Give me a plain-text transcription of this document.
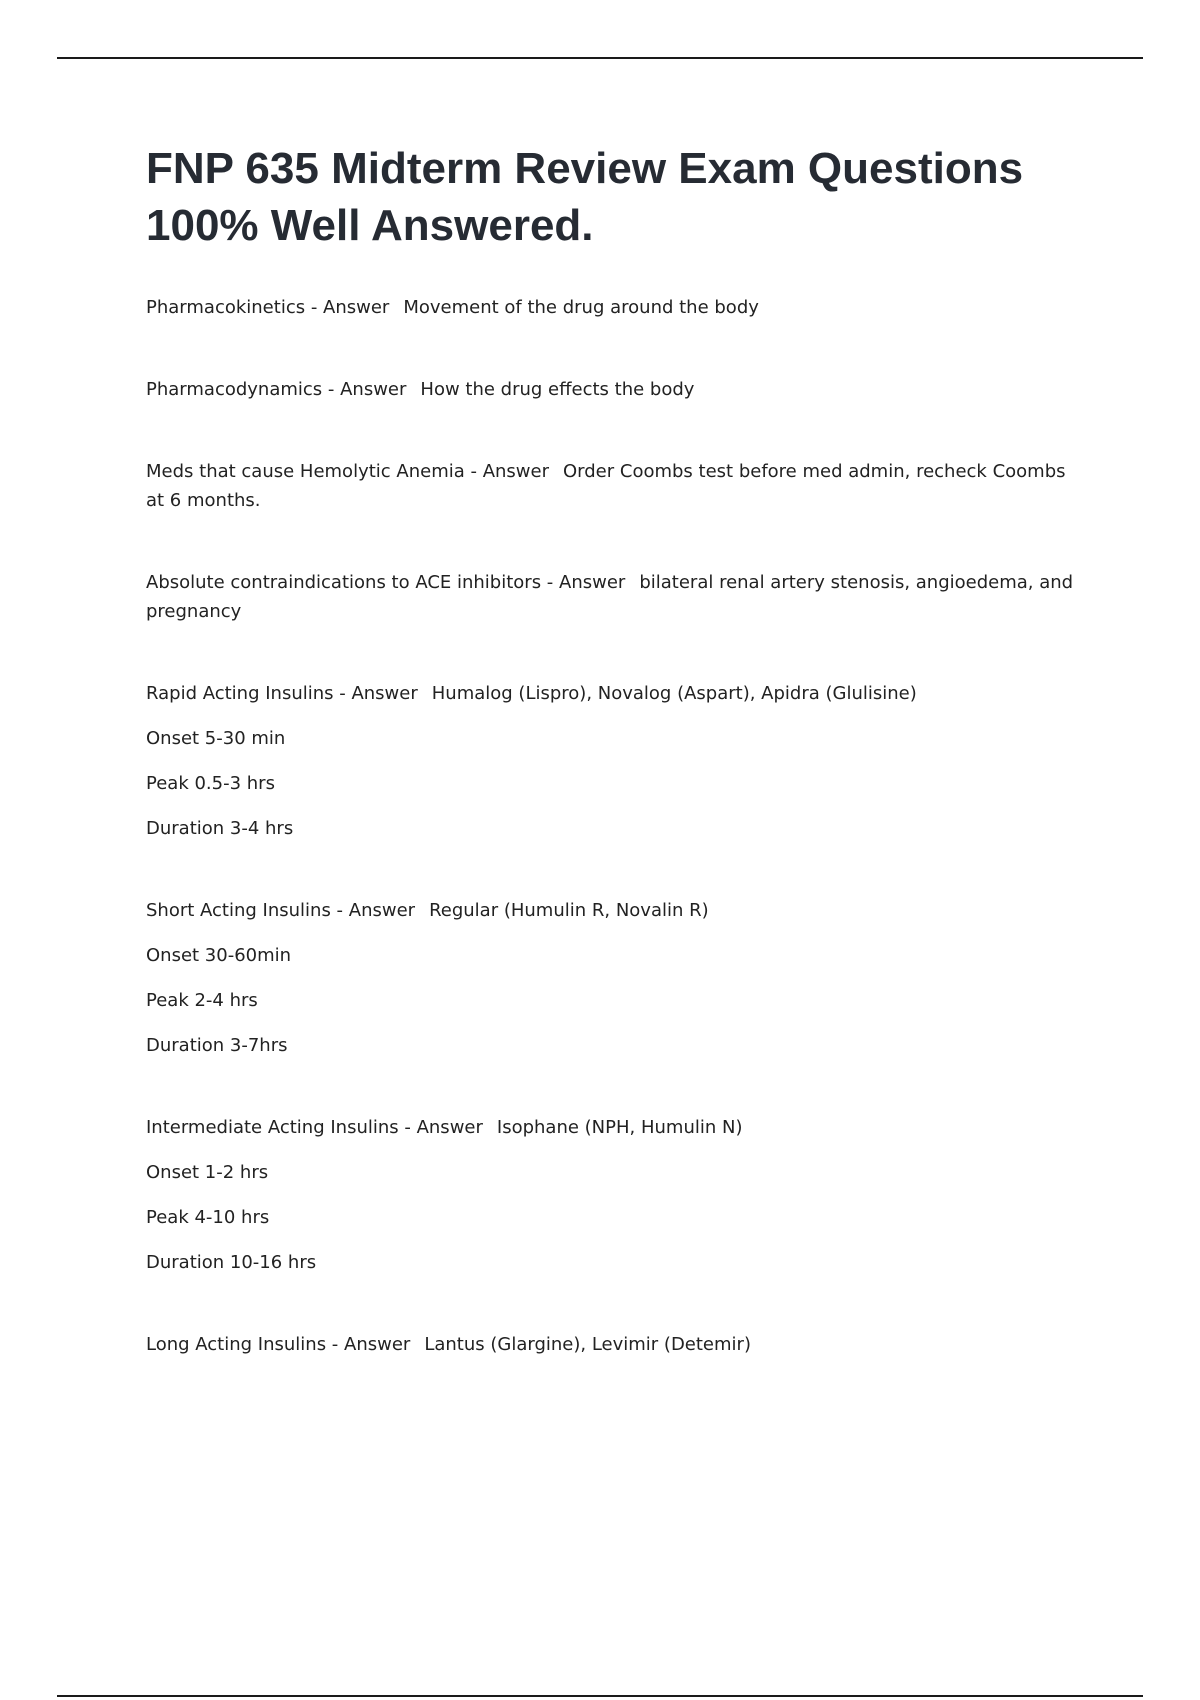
FNP 635 Midterm Review Exam Questions 100% Well Answered.

Pharmacokinetics - Answer Movement of the drug around the body

Pharmacodynamics - Answer How the drug effects the body

Meds that cause Hemolytic Anemia - Answer Order Coombs test before med admin, recheck Coombs at 6 months.

Absolute contraindications to ACE inhibitors - Answer bilateral renal artery stenosis, angioedema, and pregnancy

Rapid Acting Insulins - Answer Humalog (Lispro), Novalog (Aspart), Apidra (Glulisine)

Onset 5-30 min
Peak 0.5-3 hrs
Duration 3-4 hrs

Short Acting Insulins - Answer Regular (Humulin R, Novalin R)

Onset 30-60min
Peak 2-4 hrs
Duration 3-7hrs

Intermediate Acting Insulins - Answer Isophane (NPH, Humulin N)

Onset 1-2 hrs
Peak 4-10 hrs
Duration 10-16 hrs

Long Acting Insulins - Answer Lantus (Glargine), Levimir (Detemir)
